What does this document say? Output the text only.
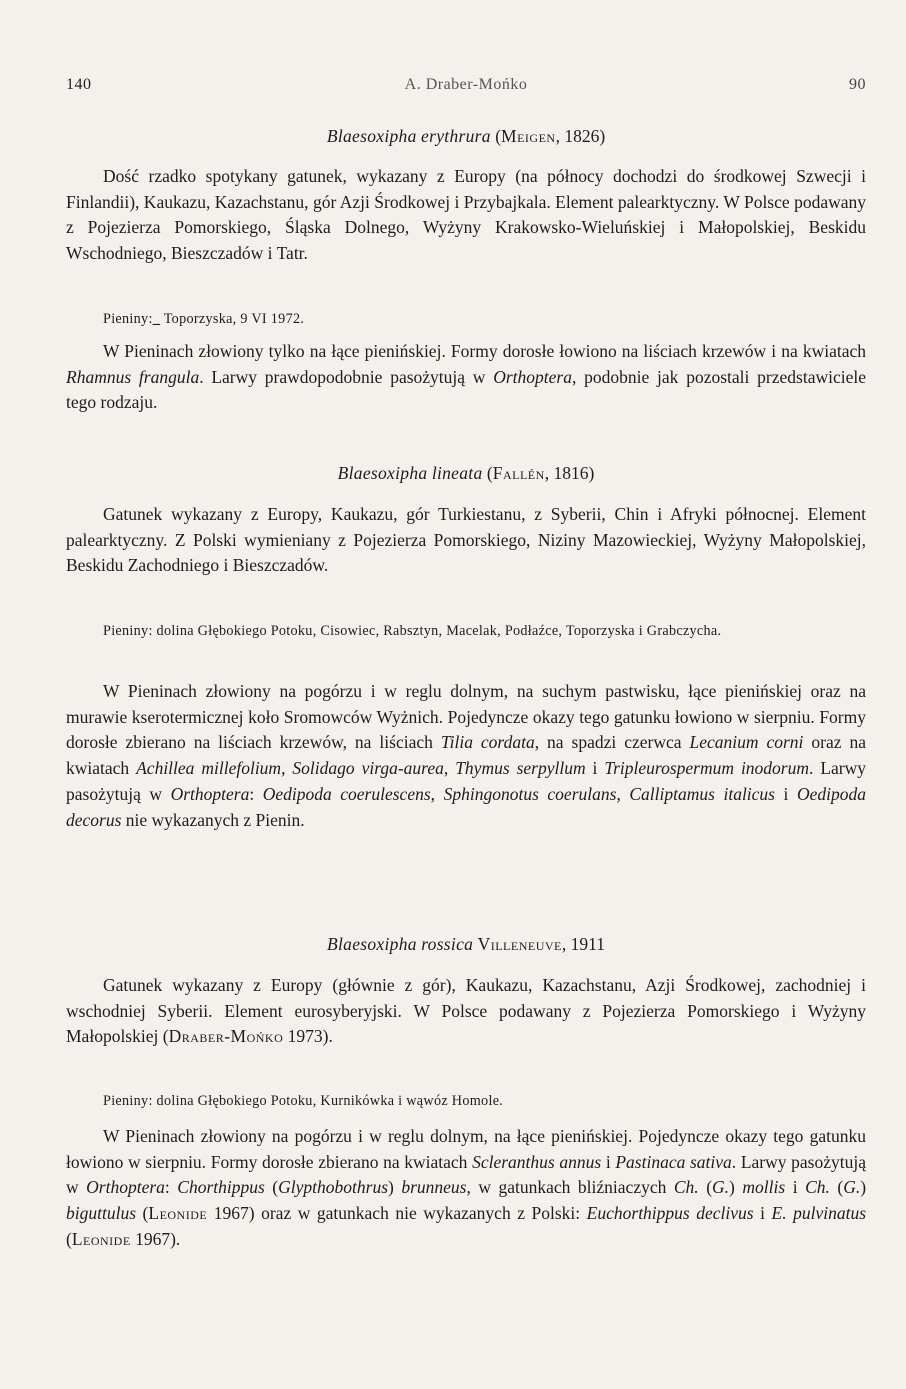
140	A. Draber-Mońko	90
Blaesoxipha erythrura (Meigen, 1826)

Dość rzadko spotykany gatunek, wykazany z Europy (na północy dochodzi do środkowej Szwecji i Finlandii), Kaukazu, Kazachstanu, gór Azji Środkowej i Przybajkala. Element palearktyczny. W Polsce podawany z Pojezierza Pomorskiego, Śląska Dolnego, Wyżyny Krakowsko-Wieluńskiej i Małopolskiej, Beskidu Wschodniego, Bieszczadów i Tatr.

Pieniny:_ Toporzyska, 9 VI 1972.

W Pieninach złowiony tylko na łące pienińskiej. Formy dorosłe łowiono na liściach krzewów i na kwiatach Rhamnus frangula. Larwy prawdopodobnie pasożytują w Orthoptera, podobnie jak pozostali przedstawiciele tego rodzaju.

Blaesoxipha lineata (Fallén, 1816)

Gatunek wykazany z Europy, Kaukazu, gór Turkiestanu, z Syberii, Chin i Afryki północnej. Element palearktyczny. Z Polski wymieniany z Pojezierza Pomorskiego, Niziny Mazowieckiej, Wyżyny Małopolskiej, Beskidu Zachodniego i Bieszczadów.

Pieniny: dolina Głębokiego Potoku, Cisowiec, Rabsztyn, Macelak, Podłaźce, Toporzyska i Grabczycha.

W Pieninach złowiony na pogórzu i w reglu dolnym, na suchym pastwisku, łące pienińskiej oraz na murawie kserotermicznej koło Sromowców Wyżnich. Pojedyncze okazy tego gatunku łowiono w sierpniu. Formy dorosłe zbierano na liściach krzewów, na liściach Tilia cordata, na spadzi czerwca Lecanium corni oraz na kwiatach Achillea millefolium, Solidago virga-aurea, Thymus serpyllum i Tripleurospermum inodorum. Larwy pasożytują w Orthoptera: Oedipoda coerulescens, Sphingonotus coerulans, Calliptamus italicus i Oedipoda decorus nie wykazanych z Pienin.

Blaesoxipha rossica Villeneuve, 1911

Gatunek wykazany z Europy (głównie z gór), Kaukazu, Kazachstanu, Azji Środkowej, zachodniej i wschodniej Syberii. Element eurosyberyjski. W Polsce podawany z Pojezierza Pomorskiego i Wyżyny Małopolskiej (Draber-Mońko 1973).

Pieniny: dolina Głębokiego Potoku, Kurnikówka i wąwóz Homole.

W Pieninach złowiony na pogórzu i w reglu dolnym, na łące pienińskiej. Pojedyncze okazy tego gatunku łowiono w sierpniu. Formy dorosłe zbierano na kwiatach Scleranthus annus i Pastinaca sativa. Larwy pasożytują w Orthoptera: Chorthippus (Glypthobothrus) brunneus, w gatunkach bliźniaczych Ch. (G.) mollis i Ch. (G.) biguttulus (Leonide 1967) oraz w gatunkach nie wykazanych z Polski: Euchorthippus declivus i E. pulvinatus (Leonide 1967).
